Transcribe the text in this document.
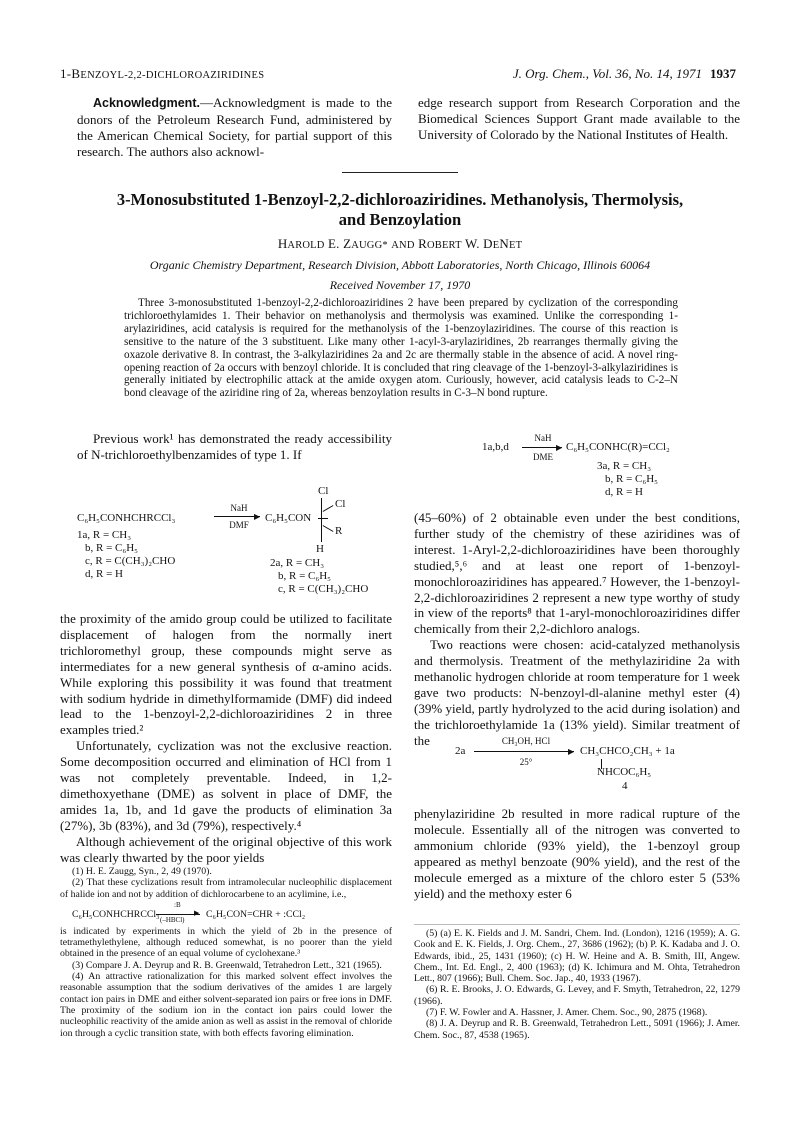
1-BENZOYL-2,2-DICHLOROAZIRIDINES	J. Org. Chem., Vol. 36, No. 14, 1971 1937

Acknowledgment.—Acknowledgment is made to the donors of the Petroleum Research Fund, administered by the American Chemical Society, for partial support of this research. The authors also acknowl-

edge research support from Research Corporation and the Biomedical Sciences Support Grant made available to the University of Colorado by the National Institutes of Health.

3-Monosubstituted 1-Benzoyl-2,2-dichloroaziridines. Methanolysis, Thermolysis,
and Benzoylation
HAROLD E. ZAUGG* AND ROBERT W. DENET
Organic Chemistry Department, Research Division, Abbott Laboratories, North Chicago, Illinois 60064
Received November 17, 1970
Three 3-monosubstituted 1-benzoyl-2,2-dichloroaziridines 2 have been prepared by cyclization of the corresponding trichloroethylamides 1. Their behavior on methanolysis and thermolysis was examined. Unlike the corresponding 1-arylaziridines, acid catalysis is required for the methanolysis of the 1-benzoylaziridines. The course of this reaction is sensitive to the nature of the 3 substituent. Like many other 1-acyl-3-arylaziridines, 2b rearranges thermally giving the oxazole derivative 8. In contrast, the 3-alkylaziridines 2a and 2c are thermally stable in the absence of acid. A novel ring-opening reaction of 2a occurs with benzoyl chloride. It is concluded that ring cleavage of the 1-benzoyl-3-alkylaziridines is generally initiated by electrophilic attack at the amide oxygen atom. Curiously, however, acid catalysis leads to C-2–N bond cleavage of the aziridine ring of 2a, whereas benzoylation results in C-3–N bond rupture.

Previous work¹ has demonstrated the ready accessibility of N-trichloroethylbenzamides of type 1. If

C₆H₅CONHCHRCCl₃
1a, R = CH₃
b, R = C₆H₅
c, R = C(CH₃)₂CHO
d, R = H
NaH
▶
DMF
C₆H₅CON
Cl
Cl
R
H
2a, R = CH₃
b, R = C₆H₅
c, R = C(CH₃)₂CHO

the proximity of the amido group could be utilized to facilitate displacement of halogen from the normally inert trichloromethyl group, these compounds might serve as intermediates for a new general synthesis of α-amino acids. While exploring this possibility it was found that treatment with sodium hydride in dimethylformamide (DMF) did indeed lead to the 1-benzoyl-2,2-dichloroaziridines 2 in three examples tried.²

Unfortunately, cyclization was not the exclusive reaction. Some decomposition occurred and elimination of HCl from 1 was not completely preventable. Indeed, in 1,2-dimethoxyethane (DME) as solvent in place of DMF, the amides 1a, 1b, and 1d gave the products of elimination 3a (27%), 3b (83%), and 3d (79%), respectively.⁴

Although achievement of the original objective of this work was clearly thwarted by the poor yields

(1) H. E. Zaugg, Syn., 2, 49 (1970).
(2) That these cyclizations result from intramolecular nucleophilic displacement of halide ion and not by addition of dichlorocarbene to an acylimine, i.e.,
C₆H₅CONHCHRCCl₃
:B
(–HBCl)
▶ C₆H₅CON=CHR + :CCl₂
is indicated by experiments in which the yield of 2b in the presence of tetramethylethylene, although reduced somewhat, is no poorer than the yield obtained in the presence of an equal volume of cyclohexane.³
(3) Compare J. A. Deyrup and R. B. Greenwald, Tetrahedron Lett., 321 (1965).
(4) An attractive rationalization for this marked solvent effect involves the reasonable assumption that the sodium derivatives of the amides 1 are largely contact ion pairs in DME and either solvent-separated ion pairs or free ions in DMF. The proximity of the sodium ion in the contact ion pairs could lower the nucleophilic reactivity of the amide anion as well as assist in the removal of chloride ion through a cyclic transition state, with both effects favoring elimination.
NaH
1a,b,d	▶
DME
C₆H₅CONHC(R)=CCl₂
3a, R = CH₃
b, R = C₆H₅
d, R = H

(45–60%) of 2 obtainable even under the best conditions, further study of the chemistry of these aziridines was of interest. 1-Aryl-2,2-dichloroaziridines have been thoroughly studied,⁵,⁶ and at least one report of 1-benzoyl-monochloroaziridines has appeared.⁷ However, the 1-benzoyl-2,2-dichloroaziridines 2 represent a new type worthy of study in view of the reports⁸ that 1-aryl-monochloroaziridines differ chemically from their 2,2-dichloro analogs.

Two reactions were chosen: acid-catalyzed methanolysis and thermolysis. Treatment of the methylaziridine 2a with methanolic hydrogen chloride at room temperature for 1 week gave two products: N-benzoyl-dl-alanine methyl ester (4) (39% yield, partly hydrolyzed to the acid during isolation) and the trichloroethylamide 1a (13% yield). Similar treatment of the	CH₃OH, HCl
2a	▶
25°
CH₃CHCO₂CH₃ + 1a
NHCOC₆H₅
4

phenylaziridine 2b resulted in more radical rupture of the molecule. Essentially all of the nitrogen was converted to ammonium chloride (93% yield), the 1-benzoyl group appeared as methyl benzoate (90% yield), and the rest of the molecule emerged as a mixture of the chloro ester 5 (53% yield) and the methoxy ester 6

(5) (a) E. K. Fields and J. M. Sandri, Chem. Ind. (London), 1216 (1959); A. G. Cook and E. K. Fields, J. Org. Chem., 27, 3686 (1962); (b) P. K. Kadaba and J. O. Edwards, ibid., 25, 1431 (1960); (c) H. W. Heine and A. B. Smith, III, Angew. Chem., Int. Ed. Engl., 2, 400 (1963); (d) K. Ichimura and M. Ohta, Tetrahedron Lett., 807 (1966); Bull. Chem. Soc. Jap., 40, 1933 (1967).
(6) R. E. Brooks, J. O. Edwards, G. Levey, and F. Smyth, Tetrahedron, 22, 1279 (1966).
(7) F. W. Fowler and A. Hassner, J. Amer. Chem. Soc., 90, 2875 (1968).
(8) J. A. Deyrup and R. B. Greenwald, Tetrahedron Lett., 5091 (1966); J. Amer. Chem. Soc., 87, 4538 (1965).
